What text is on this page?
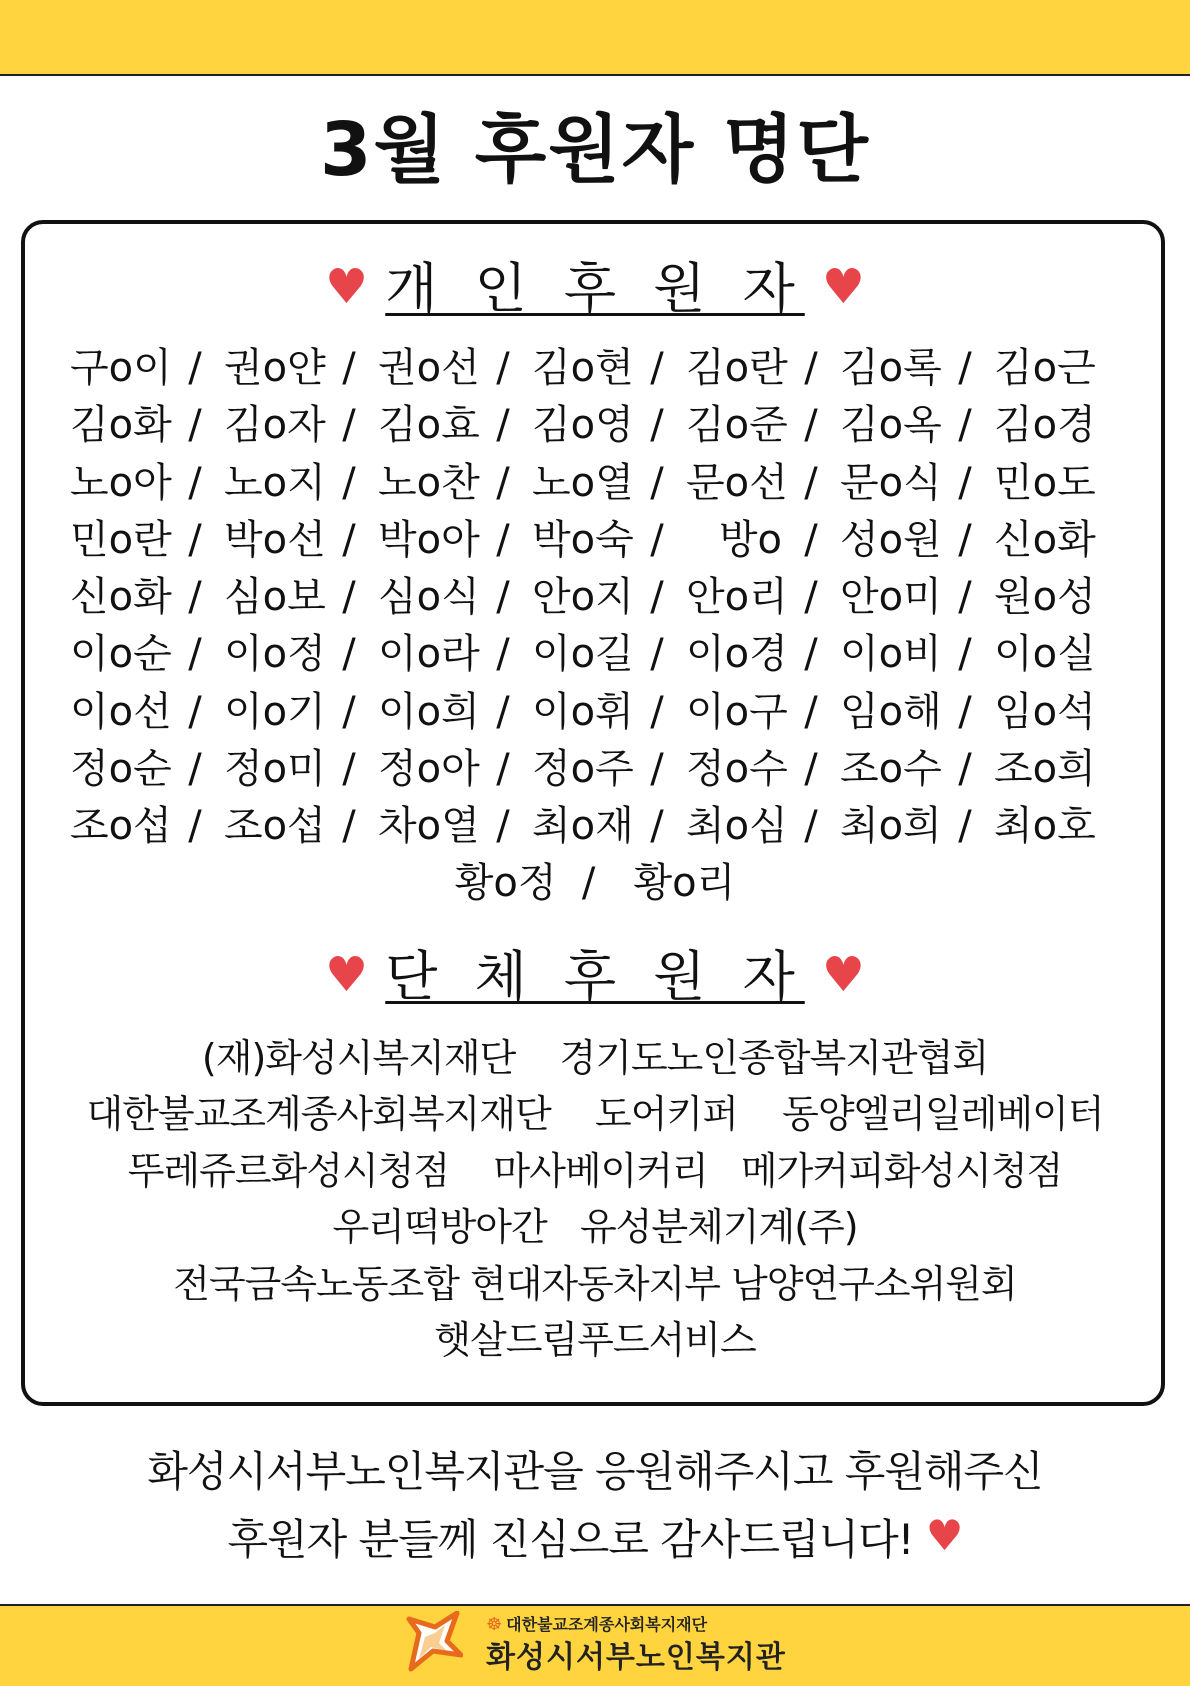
3월 후원자 명단
♥ 개 인 후 원 자 ♥
구o이 / 권o얀 / 권o선 / 김o현 / 김o란 / 김o록 / 김o근
김o화 / 김o자 / 김o효 / 김o영 / 김o준 / 김o옥 / 김o경
노o아 / 노o지 / 노o찬 / 노o열 / 문o선 / 문o식 / 민o도
민o란 / 박o선 / 박o아 / 박o숙 /	방o / 성o원 / 신o화
신o화 / 심o보 / 심o식 / 안o지 / 안o리 / 안o미 / 원o성
이o순 / 이o정 / 이o라 / 이o길 / 이o경 / 이o비 / 이o실
이o선 / 이o기 / 이o희 / 이o휘 / 이o구 / 임o해 / 임o석
정o순 / 정o미 / 정o아 / 정o주 / 정o수 / 조o수 / 조o희
조o섭 / 조o섭 / 차o열 / 최o재 / 최o심 / 최o희 / 최o호
황o정  /   황o리
♥ 단 체 후 원 자 ♥
(재)화성시복지재단    경기도노인종합복지관협회
대한불교조계종사회복지재단    도어키퍼    동양엘리일레베이터
뚜레쥬르화성시청점    마사베이커리   메가커피화성시청점
우리떡방아간   유성분체기계(주)
전국금속노동조합 현대자동차지부 남양연구소위원회
햇살드림푸드서비스
화성시서부노인복지관을 응원해주시고 후원해주신
후원자 분들께 진심으로 감사드립니다! ♥
☸ 대한불교조계종사회복지재단
화성시서부노인복지관
